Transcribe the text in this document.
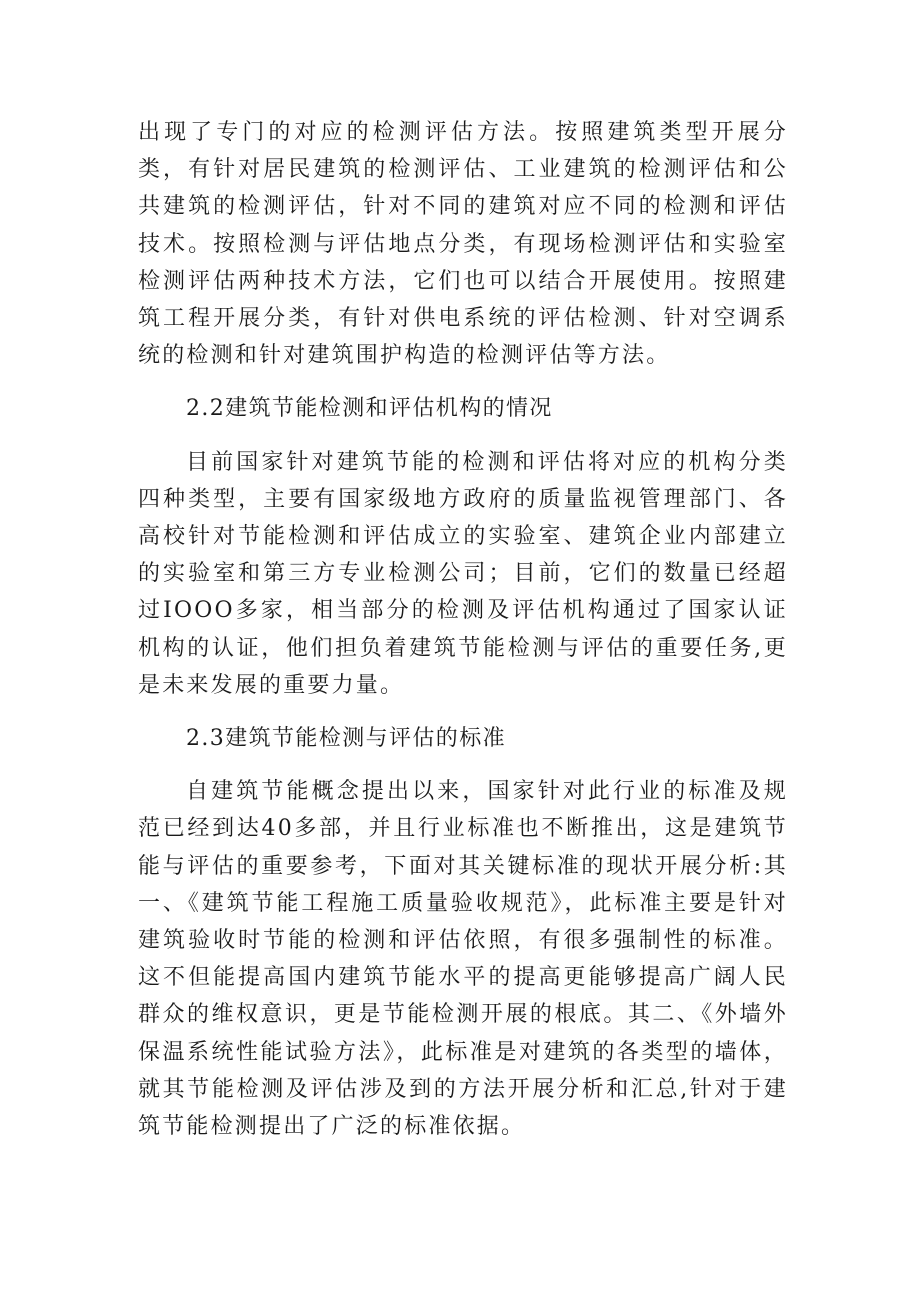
出现了专门的对应的检测评估方法。按照建筑类型开展分类，有针对居民建筑的检测评估、工业建筑的检测评估和公共建筑的检测评估，针对不同的建筑对应不同的检测和评估技术。按照检测与评估地点分类，有现场检测评估和实验室检测评估两种技术方法，它们也可以结合开展使用。按照建筑工程开展分类，有针对供电系统的评估检测、针对空调系统的检测和针对建筑围护构造的检测评估等方法。

2.2建筑节能检测和评估机构的情况

目前国家针对建筑节能的检测和评估将对应的机构分类四种类型，主要有国家级地方政府的质量监视管理部门、各高校针对节能检测和评估成立的实验室、建筑企业内部建立的实验室和第三方专业检测公司；目前，它们的数量已经超过IOOO多家，相当部分的检测及评估机构通过了国家认证机构的认证，他们担负着建筑节能检测与评估的重要任务,更是未来发展的重要力量。

2.3建筑节能检测与评估的标准

自建筑节能概念提出以来，国家针对此行业的标准及规范已经到达40多部，并且行业标准也不断推出，这是建筑节能与评估的重要参考，下面对其关键标准的现状开展分析:其一、《建筑节能工程施工质量验收规范》，此标准主要是针对建筑验收时节能的检测和评估依照，有很多强制性的标准。这不但能提高国内建筑节能水平的提高更能够提高广阔人民群众的维权意识，更是节能检测开展的根底。其二、《外墙外保温系统性能试验方法》，此标准是对建筑的各类型的墙体，就其节能检测及评估涉及到的方法开展分析和汇总,针对于建筑节能检测提出了广泛的标准依据。
